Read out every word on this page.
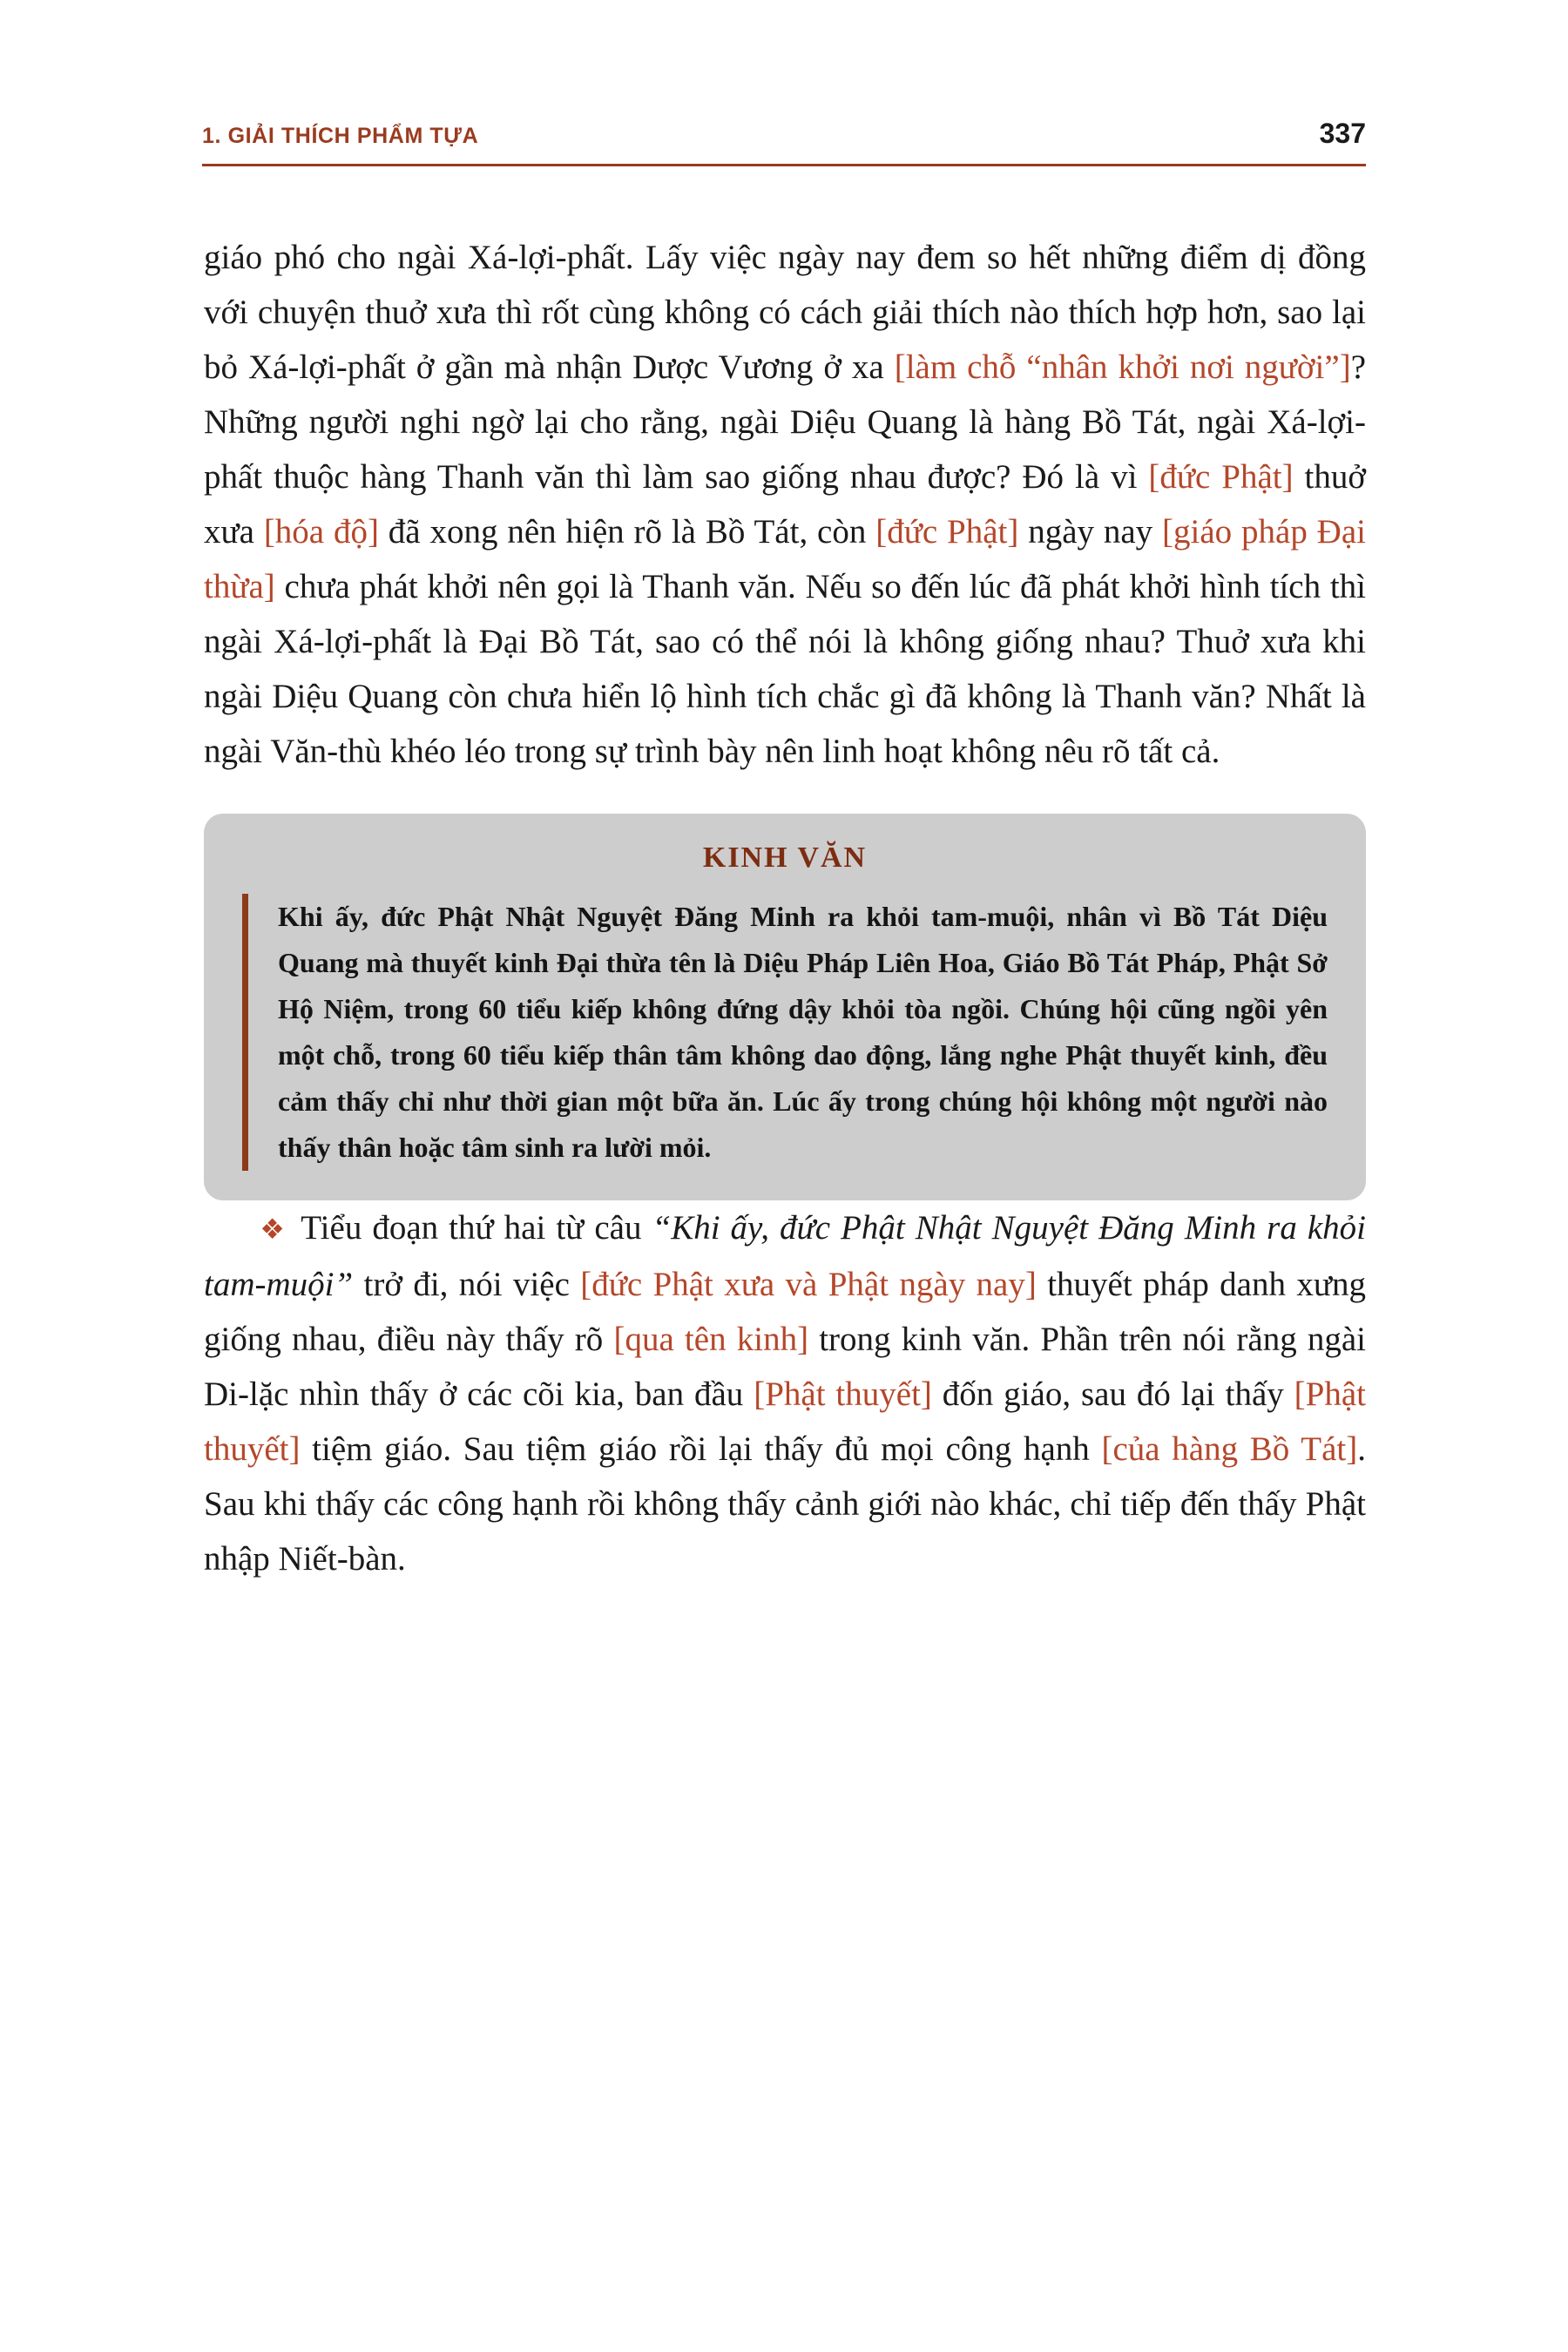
1. GIẢI THÍCH PHẨM TỰA	337

giáo phó cho ngài Xá-lợi-phất. Lấy việc ngày nay đem so hết những điểm dị đồng với chuyện thuở xưa thì rốt cùng không có cách giải thích nào thích hợp hơn, sao lại bỏ Xá-lợi-phất ở gần mà nhận Dược Vương ở xa [làm chỗ “nhân khởi nơi người”]? Những người nghi ngờ lại cho rằng, ngài Diệu Quang là hàng Bồ Tát, ngài Xá-lợi-phất thuộc hàng Thanh văn thì làm sao giống nhau được? Đó là vì [đức Phật] thuở xưa [hóa độ] đã xong nên hiện rõ là Bồ Tát, còn [đức Phật] ngày nay [giáo pháp Đại thừa] chưa phát khởi nên gọi là Thanh văn. Nếu so đến lúc đã phát khởi hình tích thì ngài Xá-lợi-phất là Đại Bồ Tát, sao có thể nói là không giống nhau? Thuở xưa khi ngài Diệu Quang còn chưa hiển lộ hình tích chắc gì đã không là Thanh văn? Nhất là ngài Văn-thù khéo léo trong sự trình bày nên linh hoạt không nêu rõ tất cả.

KINH VĂN
Khi ấy, đức Phật Nhật Nguyệt Đăng Minh ra khỏi tam-muội, nhân vì Bồ Tát Diệu Quang mà thuyết kinh Đại thừa tên là Diệu Pháp Liên Hoa, Giáo Bồ Tát Pháp, Phật Sở Hộ Niệm, trong 60 tiểu kiếp không đứng dậy khỏi tòa ngồi. Chúng hội cũng ngồi yên một chỗ, trong 60 tiểu kiếp thân tâm không dao động, lắng nghe Phật thuyết kinh, đều cảm thấy chỉ như thời gian một bữa ăn. Lúc ấy trong chúng hội không một người nào thấy thân hoặc tâm sinh ra lười mỏi.

❖ Tiểu đoạn thứ hai từ câu “Khi ấy, đức Phật Nhật Nguyệt Đăng Minh ra khỏi tam-muội” trở đi, nói việc [đức Phật xưa và Phật ngày nay] thuyết pháp danh xưng giống nhau, điều này thấy rõ [qua tên kinh] trong kinh văn. Phần trên nói rằng ngài Di-lặc nhìn thấy ở các cõi kia, ban đầu [Phật thuyết] đốn giáo, sau đó lại thấy [Phật thuyết] tiệm giáo. Sau tiệm giáo rồi lại thấy đủ mọi công hạnh [của hàng Bồ Tát]. Sau khi thấy các công hạnh rồi không thấy cảnh giới nào khác, chỉ tiếp đến thấy Phật nhập Niết-bàn.
